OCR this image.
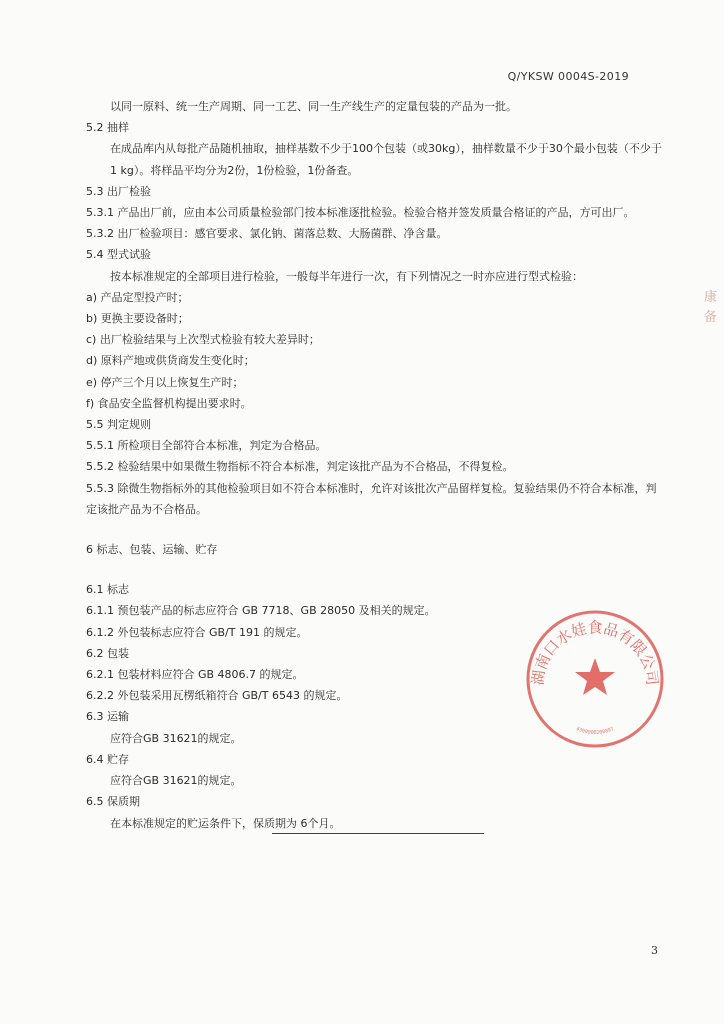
Q/YKSW 0004S-2019
以同一原料、统一生产周期、同一工艺、同一生产线生产的定量包装的产品为一批。
5.2 抽样
在成品库内从每批产品随机抽取，抽样基数不少于100个包装（或30kg），抽样数量不少于30个最小包装（不少于1 kg）。将样品平均分为2份，1份检验，1份备查。
5.3 出厂检验
5.3.1 产品出厂前，应由本公司质量检验部门按本标准逐批检验。检验合格并签发质量合格证的产品，方可出厂。
5.3.2 出厂检验项目：感官要求、氯化钠、菌落总数、大肠菌群、净含量。
5.4 型式试验
按本标准规定的全部项目进行检验，一般每半年进行一次，有下列情况之一时亦应进行型式检验：
a) 产品定型投产时；
b) 更换主要设备时；
c) 出厂检验结果与上次型式检验有较大差异时；
d) 原料产地或供货商发生变化时；
e) 停产三个月以上恢复生产时；
f) 食品安全监督机构提出要求时。
5.5 判定规则
5.5.1 所检项目全部符合本标准，判定为合格品。
5.5.2 检验结果中如果微生物指标不符合本标准，判定该批产品为不合格品，不得复检。
5.5.3 除微生物指标外的其他检验项目如不符合本标准时，允许对该批次产品留样复检。复验结果仍不符合本标准，判定该批产品为不合格品。
6 标志、包装、运输、贮存
6.1 标志
6.1.1 预包装产品的标志应符合 GB 7718、GB 28050 及相关的规定。
6.1.2 外包装标志应符合 GB/T 191 的规定。
6.2 包装
6.2.1 包装材料应符合 GB 4806.7 的规定。
6.2.2 外包装采用瓦楞纸箱符合 GB/T 6543 的规定。
6.3 运输
应符合GB 31621的规定。
6.4 贮存
应符合GB 31621的规定。
6.5 保质期
在本标准规定的贮运条件下，保质期为 6个月。
湖南口水娃食品有限公司
4300000200897
康
备
3
